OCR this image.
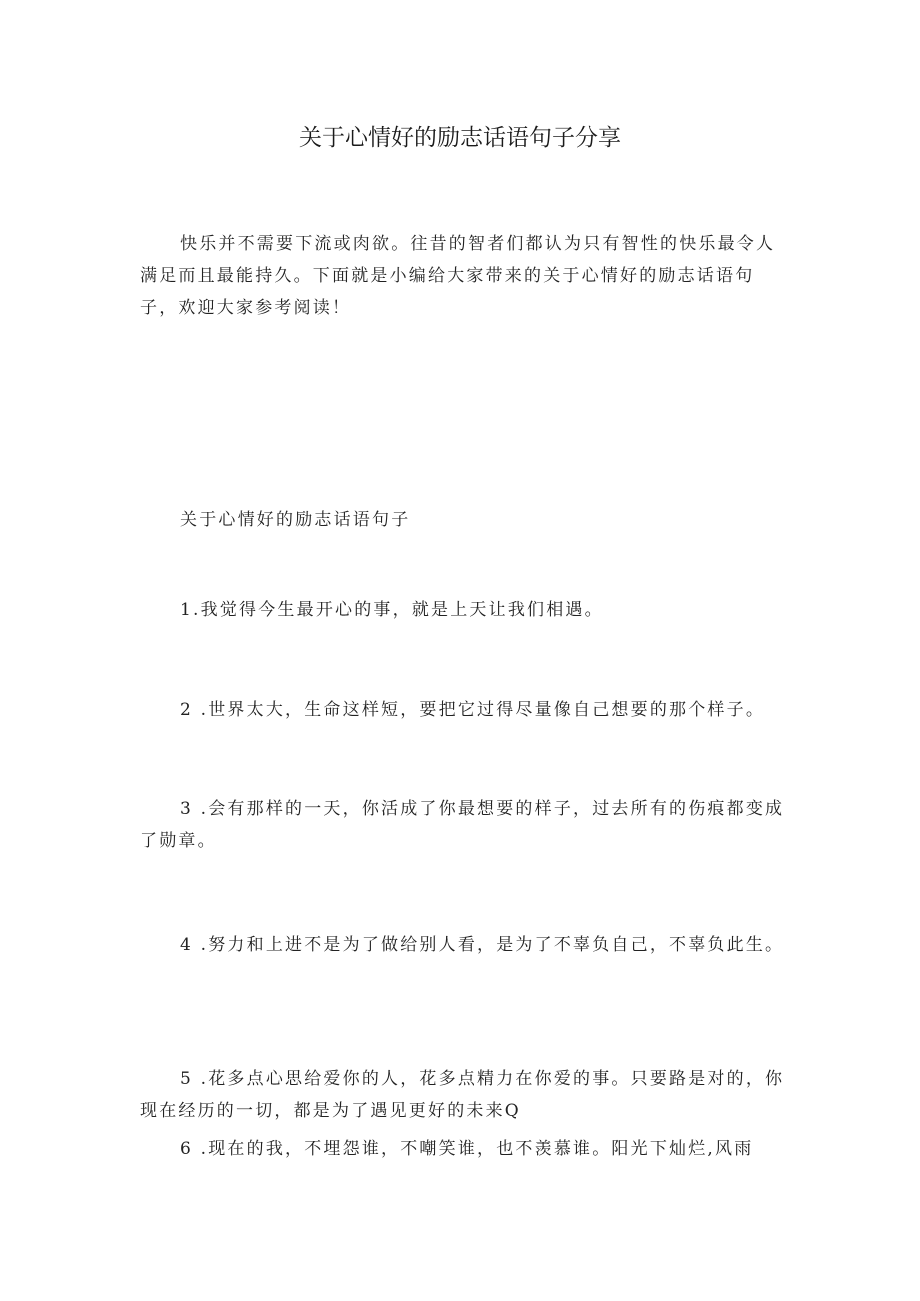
关于心情好的励志话语句子分享

快乐并不需要下流或肉欲。往昔的智者们都认为只有智性的快乐最令人满足而且最能持久。下面就是小编给大家带来的关于心情好的励志话语句子，欢迎大家参考阅读！

关于心情好的励志话语句子

1.我觉得今生最开心的事，就是上天让我们相遇。

2 .世界太大，生命这样短，要把它过得尽量像自己想要的那个样子。

3 .会有那样的一天，你活成了你最想要的样子，过去所有的伤痕都变成了勋章。

4 .努力和上进不是为了做给别人看，是为了不辜负自己，不辜负此生。

5 .花多点心思给爱你的人，花多点精力在你爱的事。只要路是对的，你现在经历的一切，都是为了遇见更好的未来Q

6 .现在的我，不埋怨谁，不嘲笑谁，也不羡慕谁。阳光下灿烂,风雨
